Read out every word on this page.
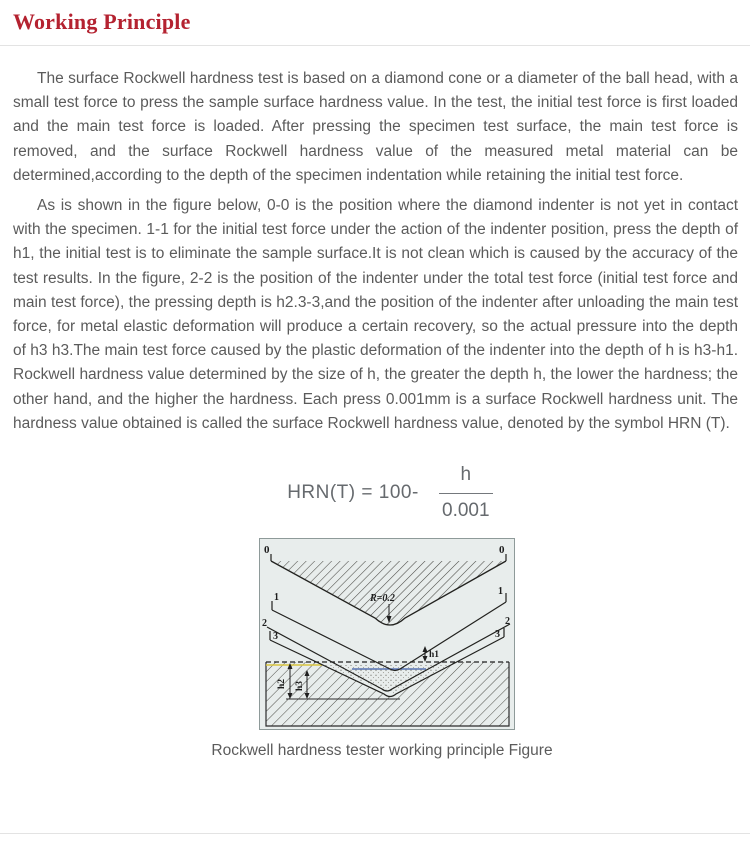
Working Principle

The surface Rockwell hardness test is based on a diamond cone or a diameter of the ball head, with a small test force to press the sample surface hardness value. In the test, the initial test force is first loaded and the main test force is loaded. After pressing the specimen test surface, the main test force is removed, and the surface Rockwell hardness value of the measured metal material can be determined,according to the depth of the specimen indentation while retaining the initial test force.

As is shown in the figure below, 0-0 is the position where the diamond indenter is not yet in contact with the specimen. 1-1 for the initial test force under the action of the indenter position, press the depth of h1, the initial test is to eliminate the sample surface.It is not clean which is caused by the accuracy of the test results. In the figure, 2-2 is the position of the indenter under the total test force (initial test force and main test force), the pressing depth is h2.3-3,and the position of the indenter after unloading the main test force, for metal elastic deformation will produce a certain recovery, so the actual pressure into the depth of h3 h3.The main test force caused by the plastic deformation of the indenter into the depth of h is h3-h1. Rockwell hardness value determined by the size of h, the greater the depth h, the lower the hardness; the other hand, and the higher the hardness. Each press 0.001mm is a surface Rockwell hardness unit. The hardness value obtained is called the surface Rockwell hardness value, denoted by the symbol HRN (T).

$HRN(T) = 100- \frac{h}{0.001}$
0	0
1
1
2	2
3	3
R=0.2
h1
h2 h3
Rockwell hardness tester working principle Figure
